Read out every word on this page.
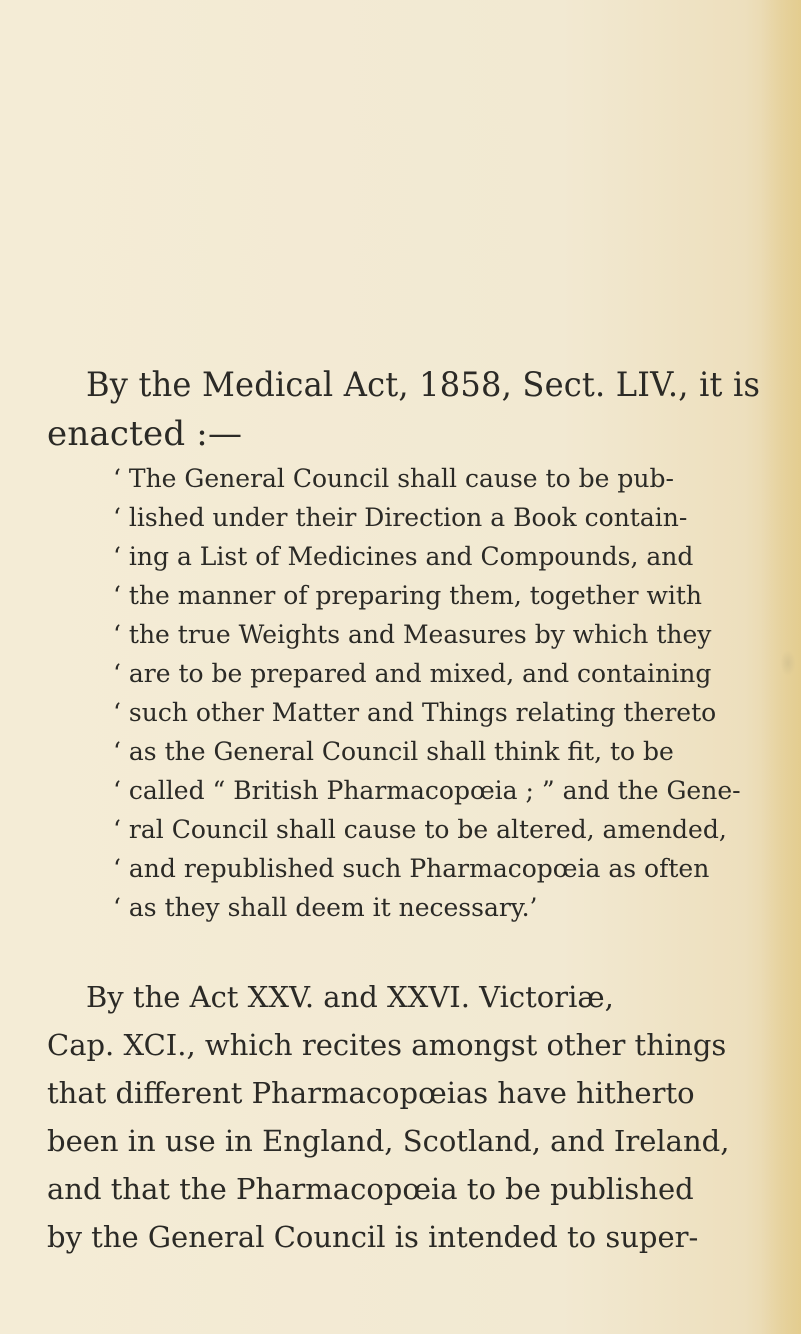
By the Medical Act, 1858, Sect. LIV., it is
enacted :—
‘ The General Council shall cause to be pub-
‘ lished under their Direction a Book contain-
‘ ing a List of Medicines and Compounds, and
‘ the manner of preparing them, together with
‘ the true Weights and Measures by which they
‘ are to be prepared and mixed, and containing
‘ such other Matter and Things relating thereto
‘ as the General Council shall think fit, to be
‘ called “ British Pharmacopœia ; ” and the Gene-
‘ ral Council shall cause to be altered, amended,
‘ and republished such Pharmacopœia as often
‘ as they shall deem it necessary.’
By the Act XXV. and XXVI. Victoriæ,
Cap. XCI., which recites amongst other things
that different Pharmacopœias have hitherto
been in use in England, Scotland, and Ireland,
and that the Pharmacopœia to be published
by the General Council is intended to super-
